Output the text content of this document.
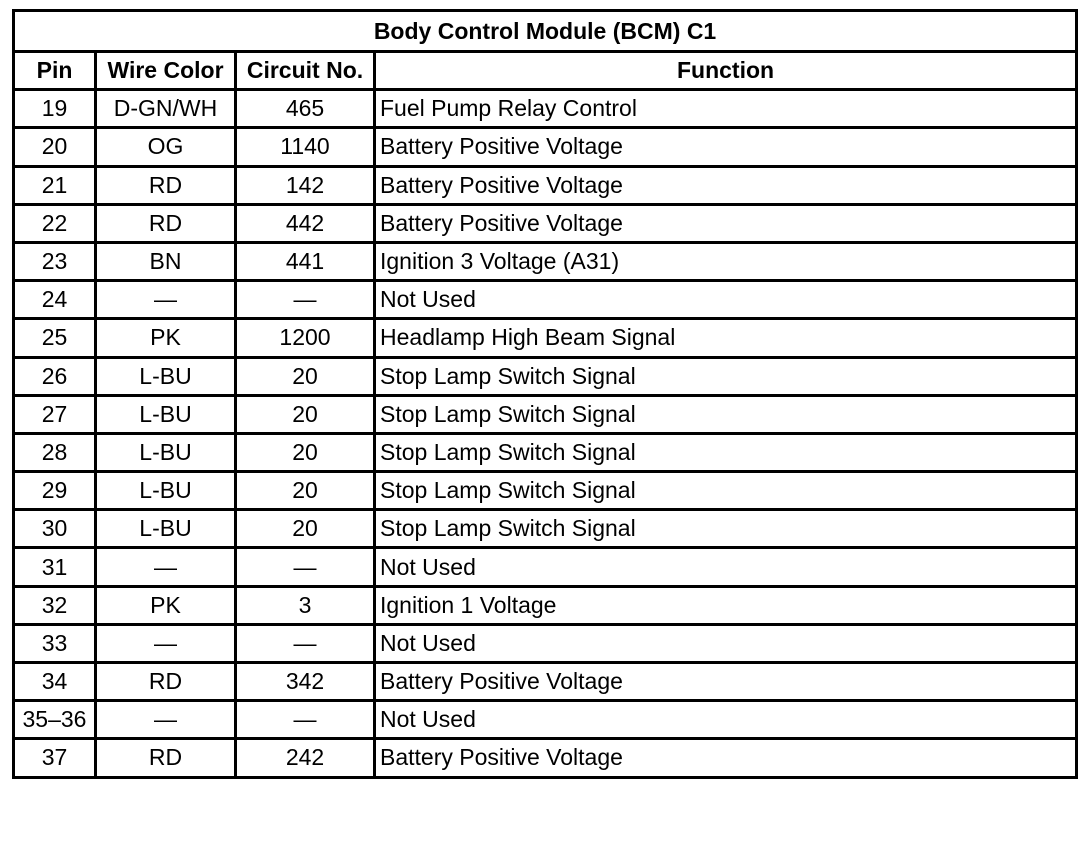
Body Control Module (BCM) C1			
Pin	Wire Color	Circuit No.	Function
19	D-GN/WH	465	Fuel Pump Relay Control
20	OG	1140	Battery Positive Voltage
21	RD	142	Battery Positive Voltage
22	RD	442	Battery Positive Voltage
23	BN	441	Ignition 3 Voltage (A31)
24	—	—	Not Used
25	PK	1200	Headlamp High Beam Signal
26	L-BU	20	Stop Lamp Switch Signal
27	L-BU	20	Stop Lamp Switch Signal
28	L-BU	20	Stop Lamp Switch Signal
29	L-BU	20	Stop Lamp Switch Signal
30	L-BU	20	Stop Lamp Switch Signal
31	—	—	Not Used
32	PK	3	Ignition 1 Voltage
33	—	—	Not Used
34	RD	342	Battery Positive Voltage
35–36	—	—	Not Used
37	RD	242	Battery Positive Voltage
